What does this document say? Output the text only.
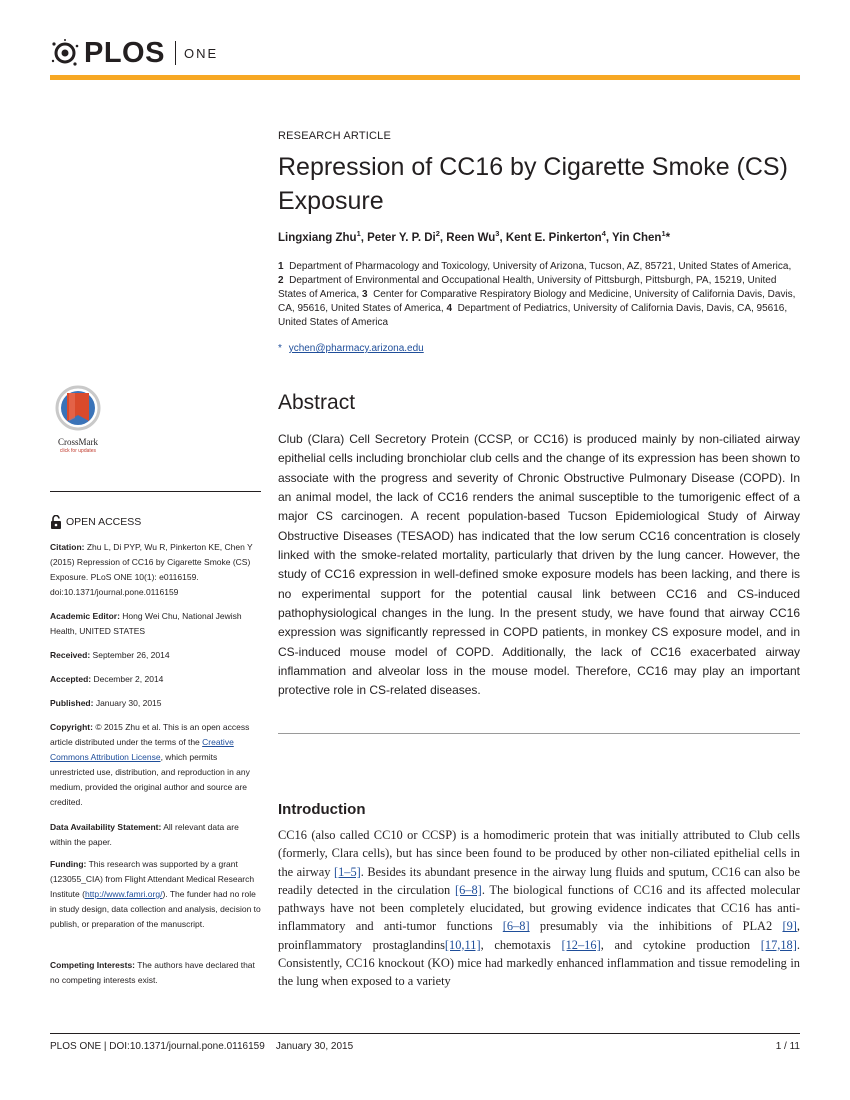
PLOS ONE
RESEARCH ARTICLE
Repression of CC16 by Cigarette Smoke (CS) Exposure
Lingxiang Zhu$^1$, Peter Y. P. Di$^2$, Reen Wu$^3$, Kent E. Pinkerton$^4$, Yin Chen$^1$*
1 Department of Pharmacology and Toxicology, University of Arizona, Tucson, AZ, 85721, United States of America, 2 Department of Environmental and Occupational Health, University of Pittsburgh, Pittsburgh, PA, 15219, United States of America, 3 Center for Comparative Respiratory Biology and Medicine, University of California Davis, Davis, CA, 95616, United States of America, 4 Department of Pediatrics, University of California Davis, Davis, CA, 95616, United States of America
* ychen@pharmacy.arizona.edu
Abstract

Club (Clara) Cell Secretory Protein (CCSP, or CC16) is produced mainly by non-ciliated airway epithelial cells including bronchiolar club cells and the change of its expression has been shown to associate with the progress and severity of Chronic Obstructive Pulmonary Disease (COPD). In an animal model, the lack of CC16 renders the animal susceptible to the tumorigenic effect of a major CS carcinogen. A recent population-based Tucson Epidemiological Study of Airway Obstructive Diseases (TESAOD) has indicated that the low serum CC16 concentration is closely linked with the smoke-related mortality, particularly that driven by the lung cancer. However, the study of CC16 expression in well-defined smoke exposure models has been lacking, and there is no experimental support for the potential causal link between CC16 and CS-induced pathophysiological changes in the lung. In the present study, we have found that airway CC16 expression was significantly repressed in COPD patients, in monkey CS exposure model, and in CS-induced mouse model of COPD. Additionally, the lack of CC16 exacerbated airway inflammation and alveolar loss in the mouse model. Therefore, CC16 may play an important protective role in CS-related diseases.

Introduction

CC16 (also called CC10 or CCSP) is a homodimeric protein that was initially attributed to Club cells (formerly, Clara cells), but has since been found to be produced by other non-ciliated epithelial cells in the airway [1–5]. Besides its abundant presence in the airway lung fluids and sputum, CC16 can also be readily detected in the circulation [6–8]. The biological functions of CC16 and its affected molecular pathways have not been completely elucidated, but growing evidence indicates that CC16 has anti-inflammatory and anti-tumor functions [6–8] presumably via the inhibitions of PLA2 [9], proinflammatory prostaglandins[10,11], chemotaxis [12–16], and cytokine production [17,18]. Consistently, CC16 knockout (KO) mice had markedly enhanced inflammation and tissue remodeling in the lung when exposed to a variety

CrossMark
click for updates
OPEN ACCESS
Citation: Zhu L, Di PYP, Wu R, Pinkerton KE, Chen Y (2015) Repression of CC16 by Cigarette Smoke (CS) Exposure. PLoS ONE 10(1): e0116159. doi:10.1371/journal.pone.0116159
Academic Editor: Hong Wei Chu, National Jewish Health, UNITED STATES
Received: September 26, 2014
Accepted: December 2, 2014
Published: January 30, 2015
Copyright: © 2015 Zhu et al. This is an open access article distributed under the terms of the Creative Commons Attribution License, which permits unrestricted use, distribution, and reproduction in any medium, provided the original author and source are credited.
Data Availability Statement: All relevant data are within the paper.
Funding: This research was supported by a grant (123055_CIA) from Flight Attendant Medical Research Institute (http://www.famri.org/). The funder had no role in study design, data collection and analysis, decision to publish, or preparation of the manuscript.
Competing Interests: The authors have declared that no competing interests exist.
PLOS ONE | DOI:10.1371/journal.pone.0116159    January 30, 2015	1 / 11
